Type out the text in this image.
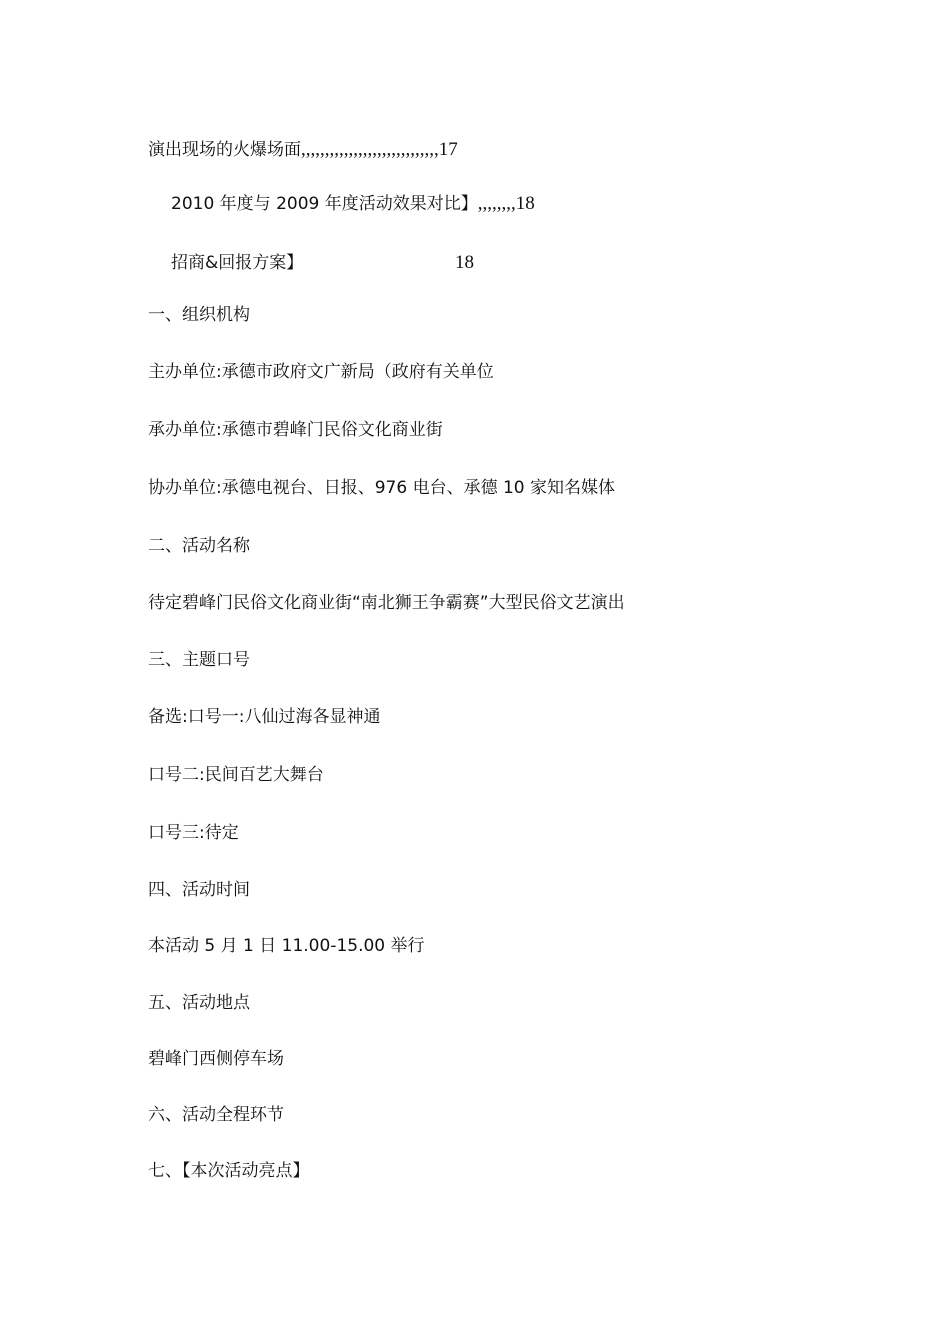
演出现场的火爆场面,,,,,,,,,,,,,,,,,,,,,,,,,,,,,17
2010 年度与 2009 年度活动效果对比】,,,,,,,,18
招商&回报方案】	18
一、组织机构
主办单位:承德市政府文广新局（政府有关单位
承办单位:承德市碧峰门民俗文化商业街
协办单位:承德电视台、日报、976 电台、承德 10 家知名媒体
二、活动名称
待定碧峰门民俗文化商业街“南北狮王争霸赛”大型民俗文艺演出
三、主题口号
备选:口号一:八仙过海各显神通
口号二:民间百艺大舞台
口号三:待定
四、活动时间
本活动 5 月 1 日 11.00-15.00 举行
五、活动地点
碧峰门西侧停车场
六、活动全程环节
七、【本次活动亮点】
